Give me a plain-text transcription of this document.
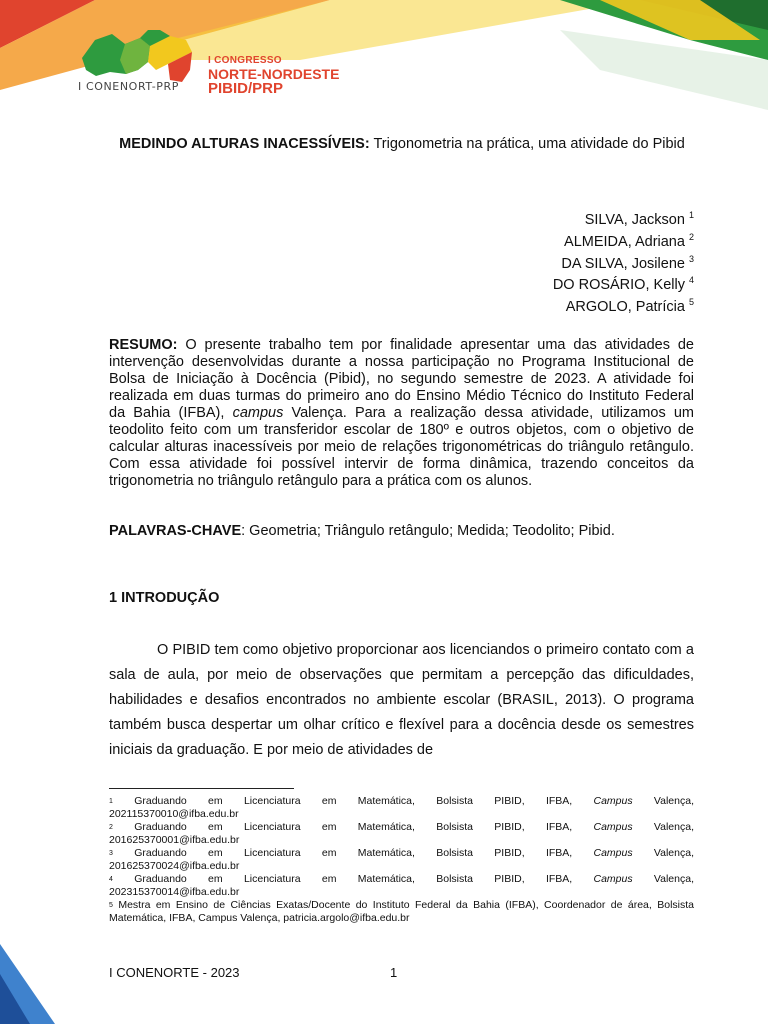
I CONENORT-PRP
I CONGRESSO
NORTE-NORDESTE
PIBID/PRP
MEDINDO ALTURAS INACESSÍVEIS: Trigonometria na prática, uma atividade do Pibid
SILVA, Jackson $^1$
ALMEIDA, Adriana $^2$
DA SILVA, Josilene $^3$
DO ROSÁRIO, Kelly $^4$
ARGOLO, Patrícia $^5$
RESUMO: O presente trabalho tem por finalidade apresentar uma das atividades de intervenção desenvolvidas durante a nossa participação no Programa Institucional de Bolsa de Iniciação à Docência (Pibid), no segundo semestre de 2023. A atividade foi realizada em duas turmas do primeiro ano do Ensino Médio Técnico do Instituto Federal da Bahia (IFBA), campus Valença. Para a realização dessa atividade, utilizamos um teodolito feito com um transferidor escolar de 180º e outros objetos, com o objetivo de calcular alturas inacessíveis por meio de relações trigonométricas do triângulo retângulo. Com essa atividade foi possível intervir de forma dinâmica, trazendo conceitos da trigonometria no triângulo retângulo para a prática com os alunos.
PALAVRAS-CHAVE: Geometria; Triângulo retângulo; Medida; Teodolito; Pibid.
1 INTRODUÇÃO
O PIBID tem como objetivo proporcionar aos licenciandos o primeiro contato com a sala de aula, por meio de observações que permitam a percepção das dificuldades, habilidades e desafios encontrados no ambiente escolar (BRASIL, 2013). O programa também busca despertar um olhar crítico e flexível para a docência desde os semestres iniciais da graduação. E por meio de atividades de
$^1$ Graduando em Licenciatura em Matemática, Bolsista PIBID, IFBA, Campus Valença,
202115370010@ifba.edu.br
$^2$ Graduando em Licenciatura em Matemática, Bolsista PIBID, IFBA, Campus Valença,
201625370001@ifba.edu.br
$^3$ Graduando em Licenciatura em Matemática, Bolsista PIBID, IFBA, Campus Valença,
201625370024@ifba.edu.br
$^4$ Graduando em Licenciatura em Matemática, Bolsista PIBID, IFBA, Campus Valença,
202315370014@ifba.edu.br
$^5$ Mestra em Ensino de Ciências Exatas/Docente do Instituto Federal da Bahia (IFBA), Coordenador de área, Bolsista Matemática, IFBA, Campus Valença, patricia.argolo@ifba.edu.br
I CONENORTE - 2023	1
